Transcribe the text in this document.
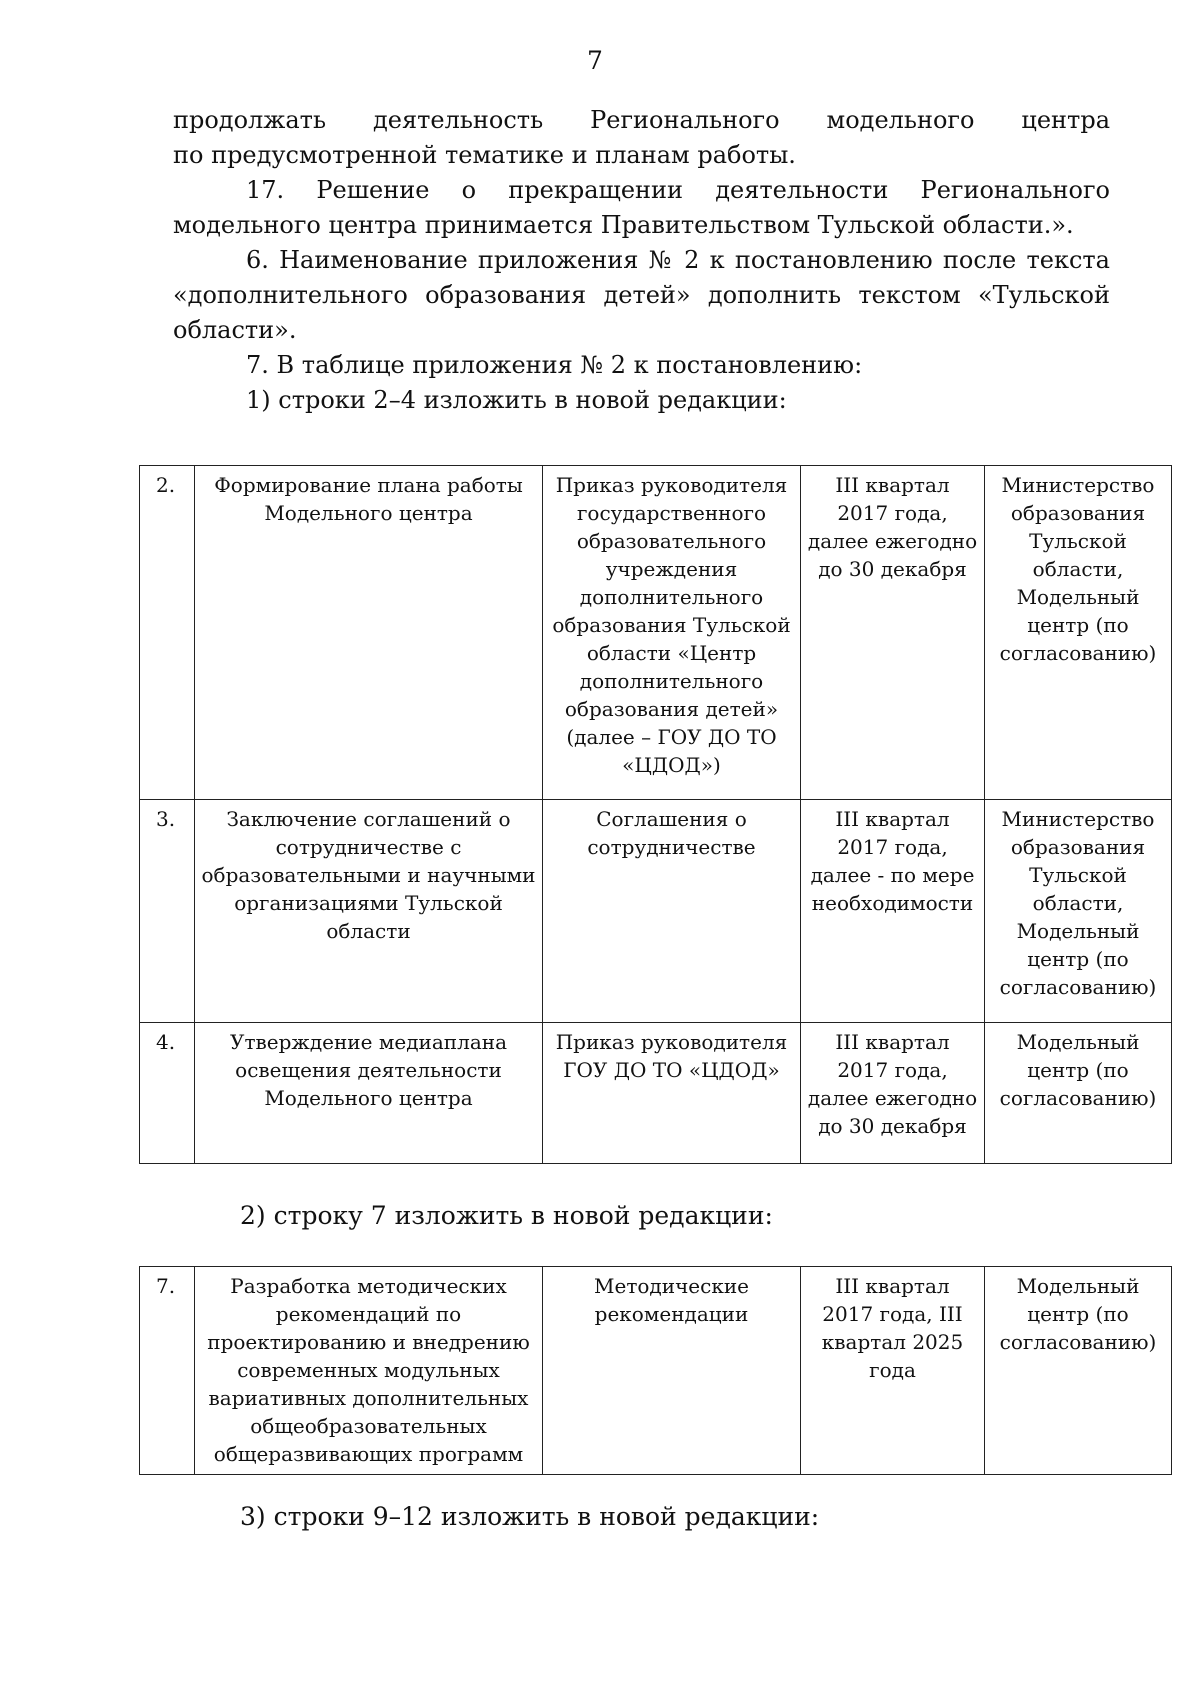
7

продолжать деятельность Регионального модельного центра

по предусмотренной тематике и планам работы.

17. Решение о прекращении деятельности Регионального модельного центра принимается Правительством Тульской области.».

6. Наименование приложения № 2 к постановлению после текста «дополнительного образования детей» дополнить текстом «Тульской области».

7. В таблице приложения № 2 к постановлению:

1) строки 2–4 изложить в новой редакции:

2.	Формирование плана работы Модельного центра	Приказ руководителя государственного образовательного учреждения дополнительного образования Тульской области «Центр дополнительного образования детей» (далее – ГОУ ДО ТО «ЦДОД»)	III квартал 2017 года, далее ежегодно до 30 декабря	Министерство образования Тульской области, Модельный центр (по согласованию)
3.	Заключение соглашений о сотрудничестве с образовательными и научными организациями Тульской области	Соглашения о сотрудничестве	III квартал 2017 года, далее - по мере необходимости	Министерство образования Тульской области, Модельный центр (по согласованию)
4.	Утверждение медиаплана освещения деятельности Модельного центра	Приказ руководителя ГОУ ДО ТО «ЦДОД»	III квартал 2017 года, далее ежегодно до 30 декабря	Модельный центр (по согласованию)

2) строку 7 изложить в новой редакции:

7.	Разработка методических рекомендаций по проектированию и внедрению современных модульных вариативных дополнительных общеобразовательных общеразвивающих программ	Методические рекомендации	III квартал 2017 года, III квартал 2025 года	Модельный центр (по согласованию)

3) строки 9–12 изложить в новой редакции:
